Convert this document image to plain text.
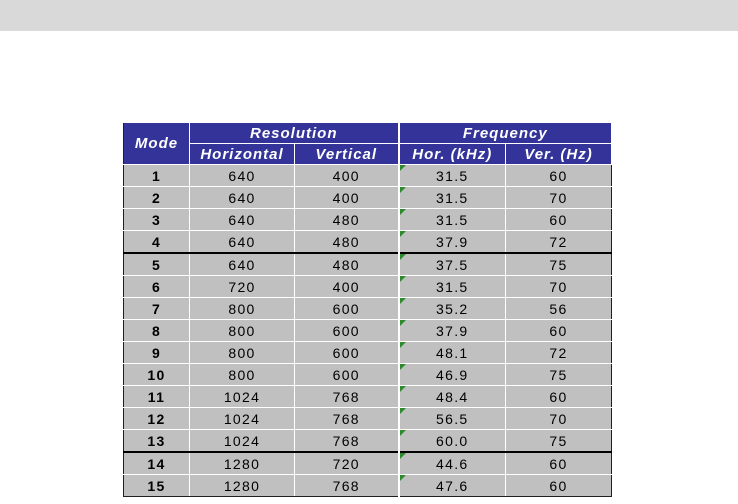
Mode	Resolution		Frequency	
	Horizontal	Vertical	Hor. (kHz)	Ver. (Hz)
1	640	400	31.5	60
2	640	400	31.5	70
3	640	480	31.5	60
4	640	480	37.9	72
5	640	480	37.5	75
6	720	400	31.5	70
7	800	600	35.2	56
8	800	600	37.9	60
9	800	600	48.1	72
10	800	600	46.9	75
11	1024	768	48.4	60
12	1024	768	56.5	70
13	1024	768	60.0	75
14	1280	720	44.6	60
15	1280	768	47.6	60
